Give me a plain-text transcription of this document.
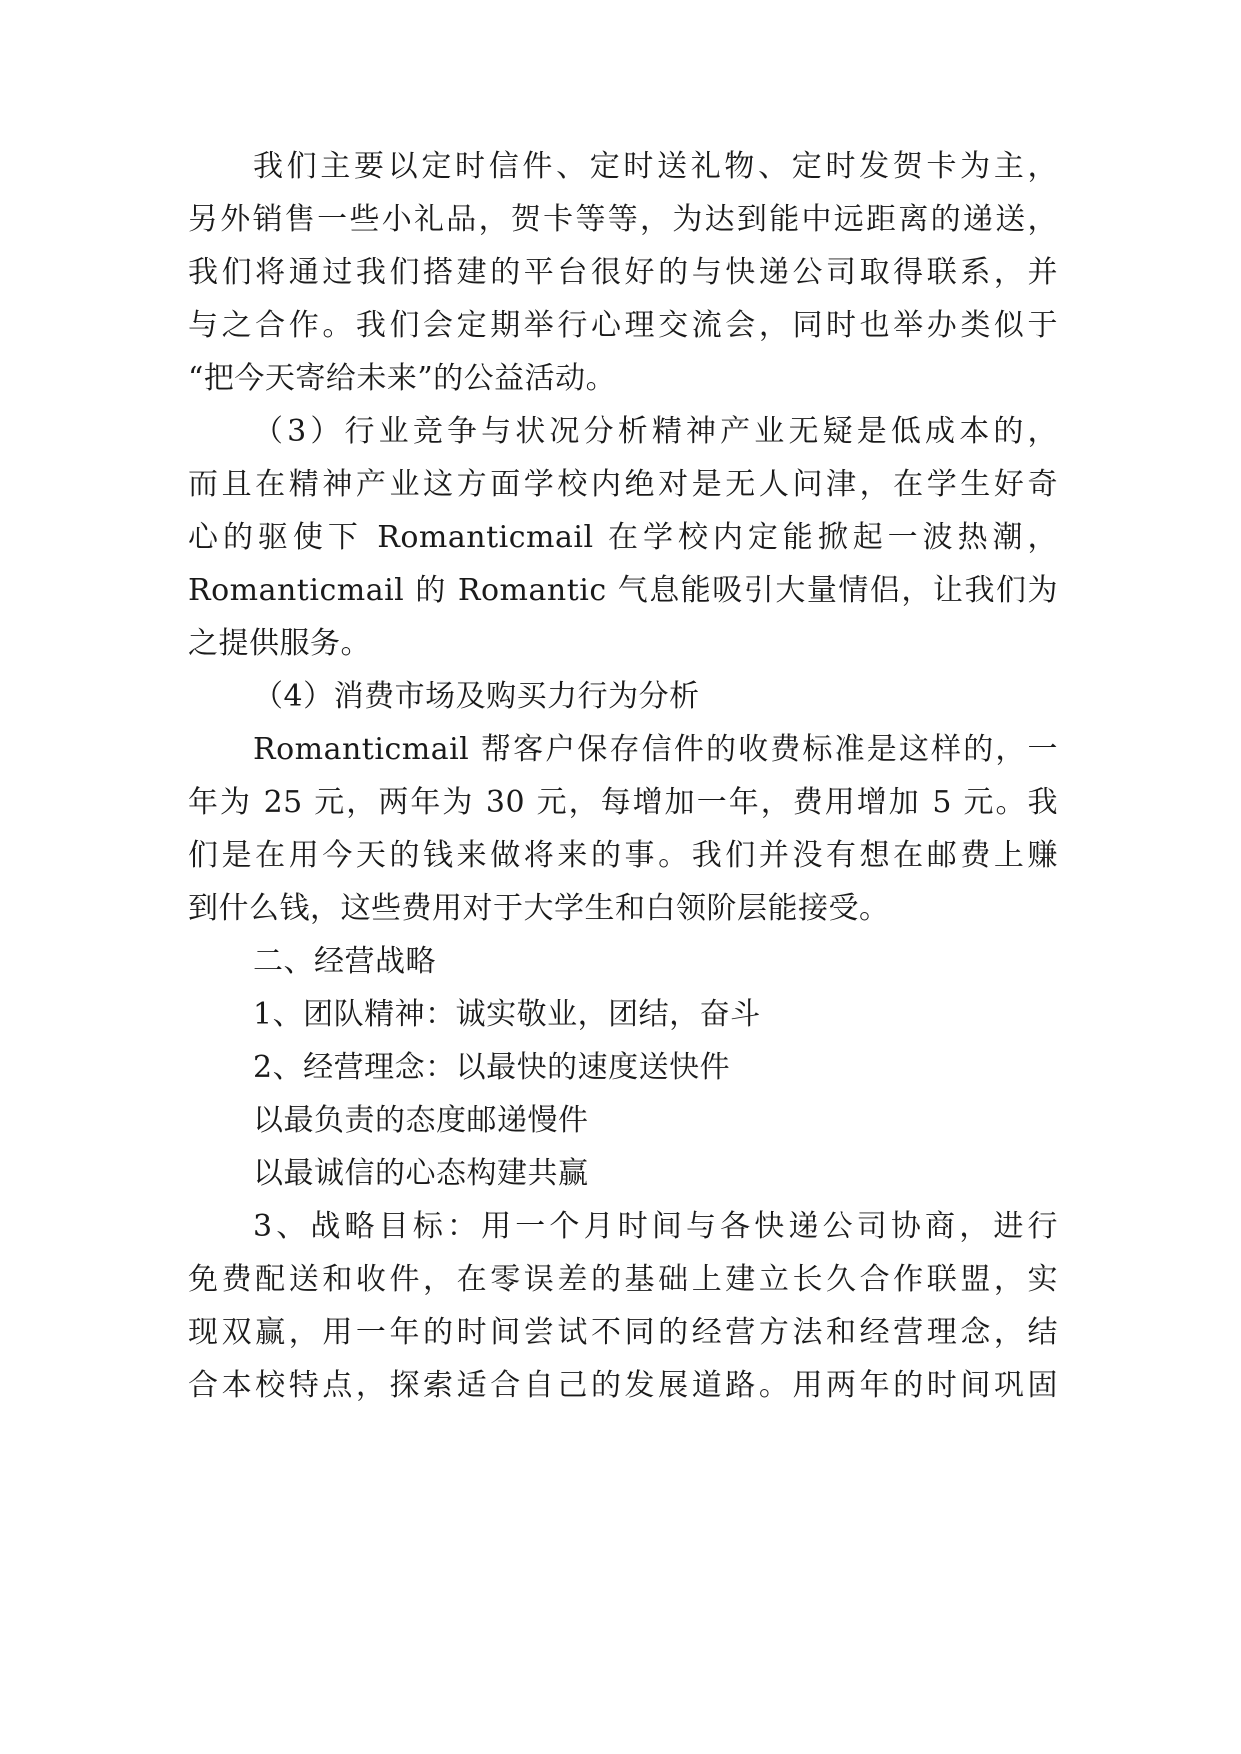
我们主要以定时信件、定时送礼物、定时发贺卡为主，
另外销售一些小礼品，贺卡等等，为达到能中远距离的递送，
我们将通过我们搭建的平台很好的与快递公司取得联系，并
与之合作。我们会定期举行心理交流会，同时也举办类似于
“把今天寄给未来”的公益活动。
（3）行业竞争与状况分析精神产业无疑是低成本的，
而且在精神产业这方面学校内绝对是无人问津，在学生好奇
心的驱使下 Romanticmail 在学校内定能掀起一波热潮，
Romanticmail 的 Romantic 气息能吸引大量情侣，让我们为
之提供服务。
（4）消费市场及购买力行为分析
Romanticmail 帮客户保存信件的收费标准是这样的，一
年为 25 元，两年为 30 元，每增加一年，费用增加 5 元。我
们是在用今天的钱来做将来的事。我们并没有想在邮费上赚
到什么钱，这些费用对于大学生和白领阶层能接受。
二、经营战略
1、团队精神：诚实敬业，团结，奋斗
2、经营理念：以最快的速度送快件
以最负责的态度邮递慢件
以最诚信的心态构建共赢
3、战略目标：用一个月时间与各快递公司协商，进行
免费配送和收件，在零误差的基础上建立长久合作联盟，实
现双赢，用一年的时间尝试不同的经营方法和经营理念，结
合本校特点，探索适合自己的发展道路。用两年的时间巩固
